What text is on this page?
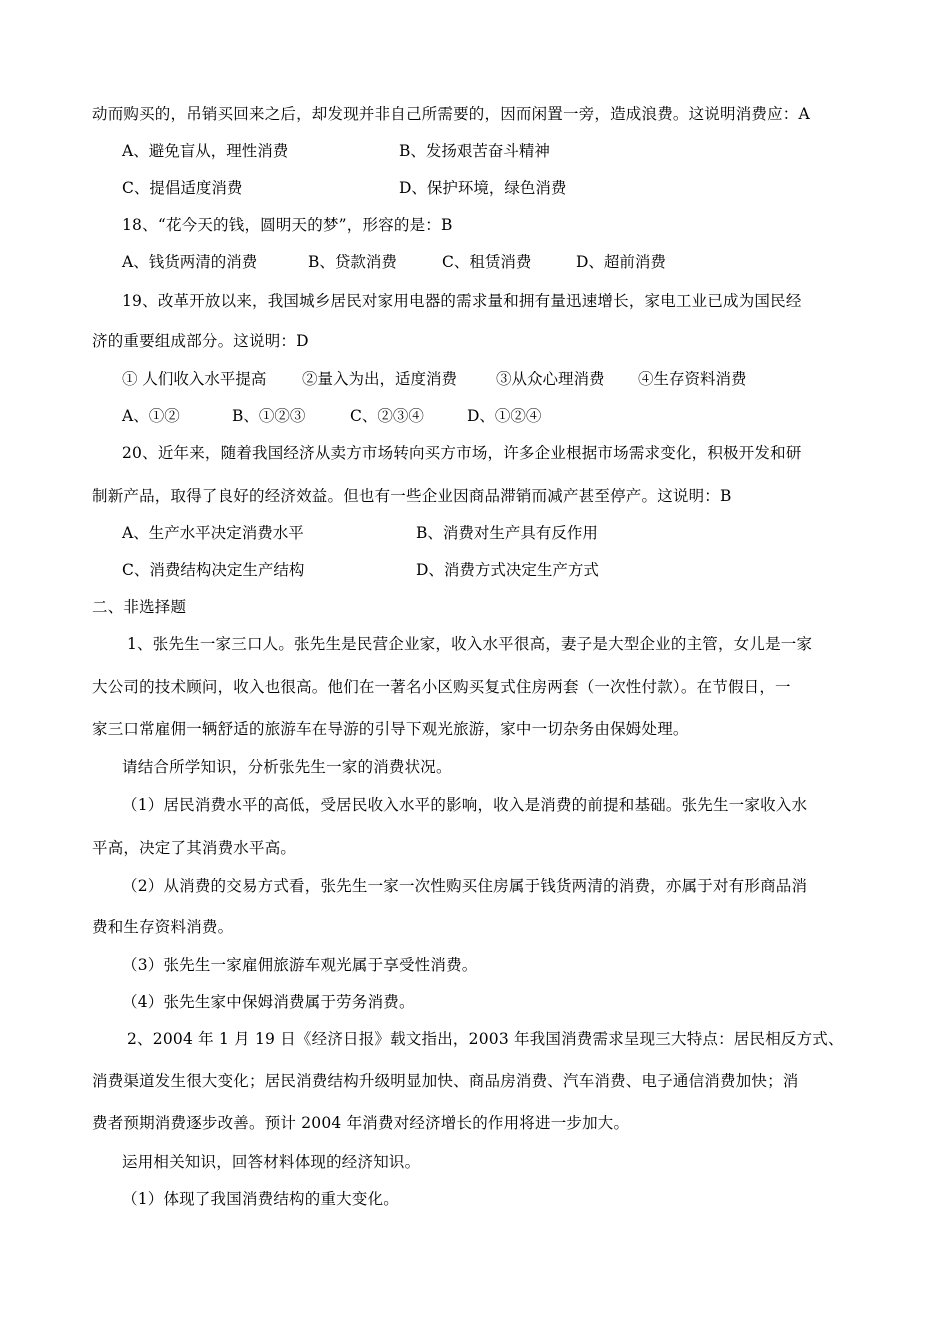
动而购买的，吊销买回来之后，却发现并非自己所需要的，因而闲置一旁，造成浪费。这说明消费应：A
A、避免盲从，理性消费	B、发扬艰苦奋斗精神
C、提倡适度消费	D、保护环境，绿色消费
18、“花今天的钱，圆明天的梦”，形容的是：B
A、钱货两清的消费	B、贷款消费	C、租赁消费	D、超前消费
19、改革开放以来，我国城乡居民对家用电器的需求量和拥有量迅速增长，家电工业已成为国民经
济的重要组成部分。这说明：D
① 人们收入水平提高 ②量入为出，适度消费	③从众心理消费 ④生存资料消费
A、①②	B、①②③	C、②③④	D、①②④
20、近年来，随着我国经济从卖方市场转向买方市场，许多企业根据市场需求变化，积极开发和研
制新产品，取得了良好的经济效益。但也有一些企业因商品滞销而减产甚至停产。这说明：B
A、生产水平决定消费水平	B、消费对生产具有反作用
C、消费结构决定生产结构	D、消费方式决定生产方式
二、非选择题
1、张先生一家三口人。张先生是民营企业家，收入水平很高，妻子是大型企业的主管，女儿是一家
大公司的技术顾问，收入也很高。他们在一著名小区购买复式住房两套（一次性付款）。在节假日，一
家三口常雇佣一辆舒适的旅游车在导游的引导下观光旅游，家中一切杂务由保姆处理。
请结合所学知识，分析张先生一家的消费状况。
（1）居民消费水平的高低，受居民收入水平的影响，收入是消费的前提和基础。张先生一家收入水
平高，决定了其消费水平高。
（2）从消费的交易方式看，张先生一家一次性购买住房属于钱货两清的消费，亦属于对有形商品消
费和生存资料消费。
（3）张先生一家雇佣旅游车观光属于享受性消费。
（4）张先生家中保姆消费属于劳务消费。
2、2004 年 1 月 19 日《经济日报》载文指出，2003 年我国消费需求呈现三大特点：居民相反方式、
消费渠道发生很大变化；居民消费结构升级明显加快、商品房消费、汽车消费、电子通信消费加快；消
费者预期消费逐步改善。预计 2004 年消费对经济增长的作用将进一步加大。
运用相关知识，回答材料体现的经济知识。
（1）体现了我国消费结构的重大变化。
